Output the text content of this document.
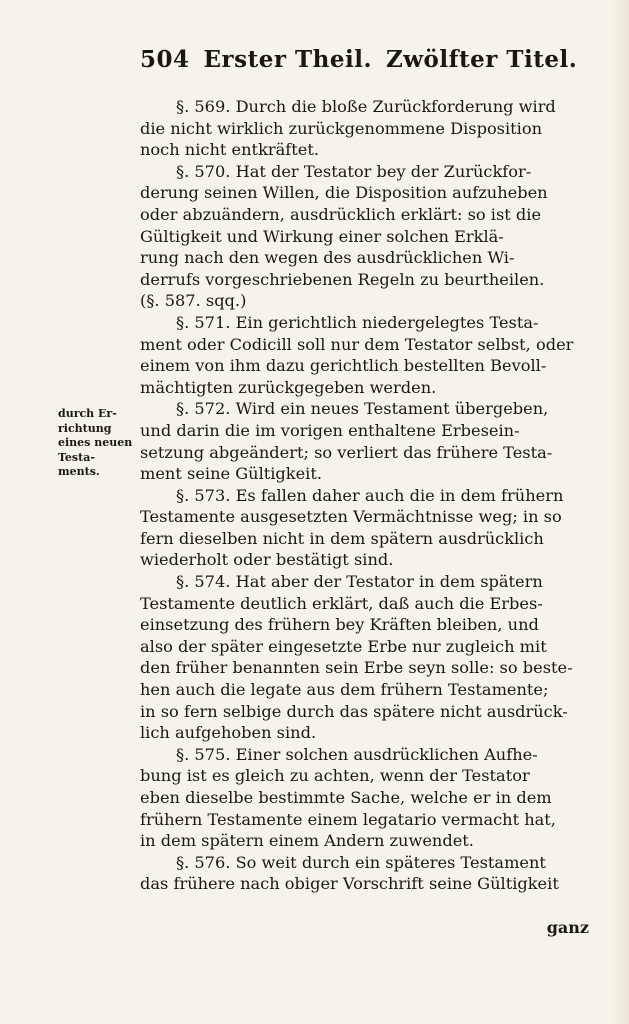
504 Erster Theil. Zwölfter Titel.
durch Er-
richtung
eines neuen
Testa-
ments.
§. 569. Durch die bloße Zurückforderung wird
die nicht wirklich zurückgenommene Disposition
noch nicht entkräftet.
§. 570. Hat der Testator bey der Zurückfor-
derung seinen Willen, die Disposition aufzuheben
oder abzuändern, ausdrücklich erklärt: so ist die
Gültigkeit und Wirkung einer solchen Erklä-
rung nach den wegen des ausdrücklichen Wi-
derrufs vorgeschriebenen Regeln zu beurtheilen.
(§. 587. sqq.)
§. 571. Ein gerichtlich niedergelegtes Testa-
ment oder Codicill soll nur dem Testator selbst, oder
einem von ihm dazu gerichtlich bestellten Bevoll-
mächtigten zurückgegeben werden.
§. 572. Wird ein neues Testament übergeben,
und darin die im vorigen enthaltene Erbesein-
setzung abgeändert; so verliert das frühere Testa-
ment seine Gültigkeit.
§. 573. Es fallen daher auch die in dem frühern
Testamente ausgesetzten Vermächtnisse weg; in so
fern dieselben nicht in dem spätern ausdrücklich
wiederholt oder bestätigt sind.
§. 574. Hat aber der Testator in dem spätern
Testamente deutlich erklärt, daß auch die Erbes-
einsetzung des frühern bey Kräften bleiben, und
also der später eingesetzte Erbe nur zugleich mit
den früher benannten sein Erbe seyn solle: so beste-
hen auch die legate aus dem frühern Testamente;
in so fern selbige durch das spätere nicht ausdrück-
lich aufgehoben sind.
§. 575. Einer solchen ausdrücklichen Aufhe-
bung ist es gleich zu achten, wenn der Testator
eben dieselbe bestimmte Sache, welche er in dem
frühern Testamente einem legatario vermacht hat,
in dem spätern einem Andern zuwendet.
§. 576. So weit durch ein späteres Testament
das frühere nach obiger Vorschrift seine Gültigkeit
ganz
